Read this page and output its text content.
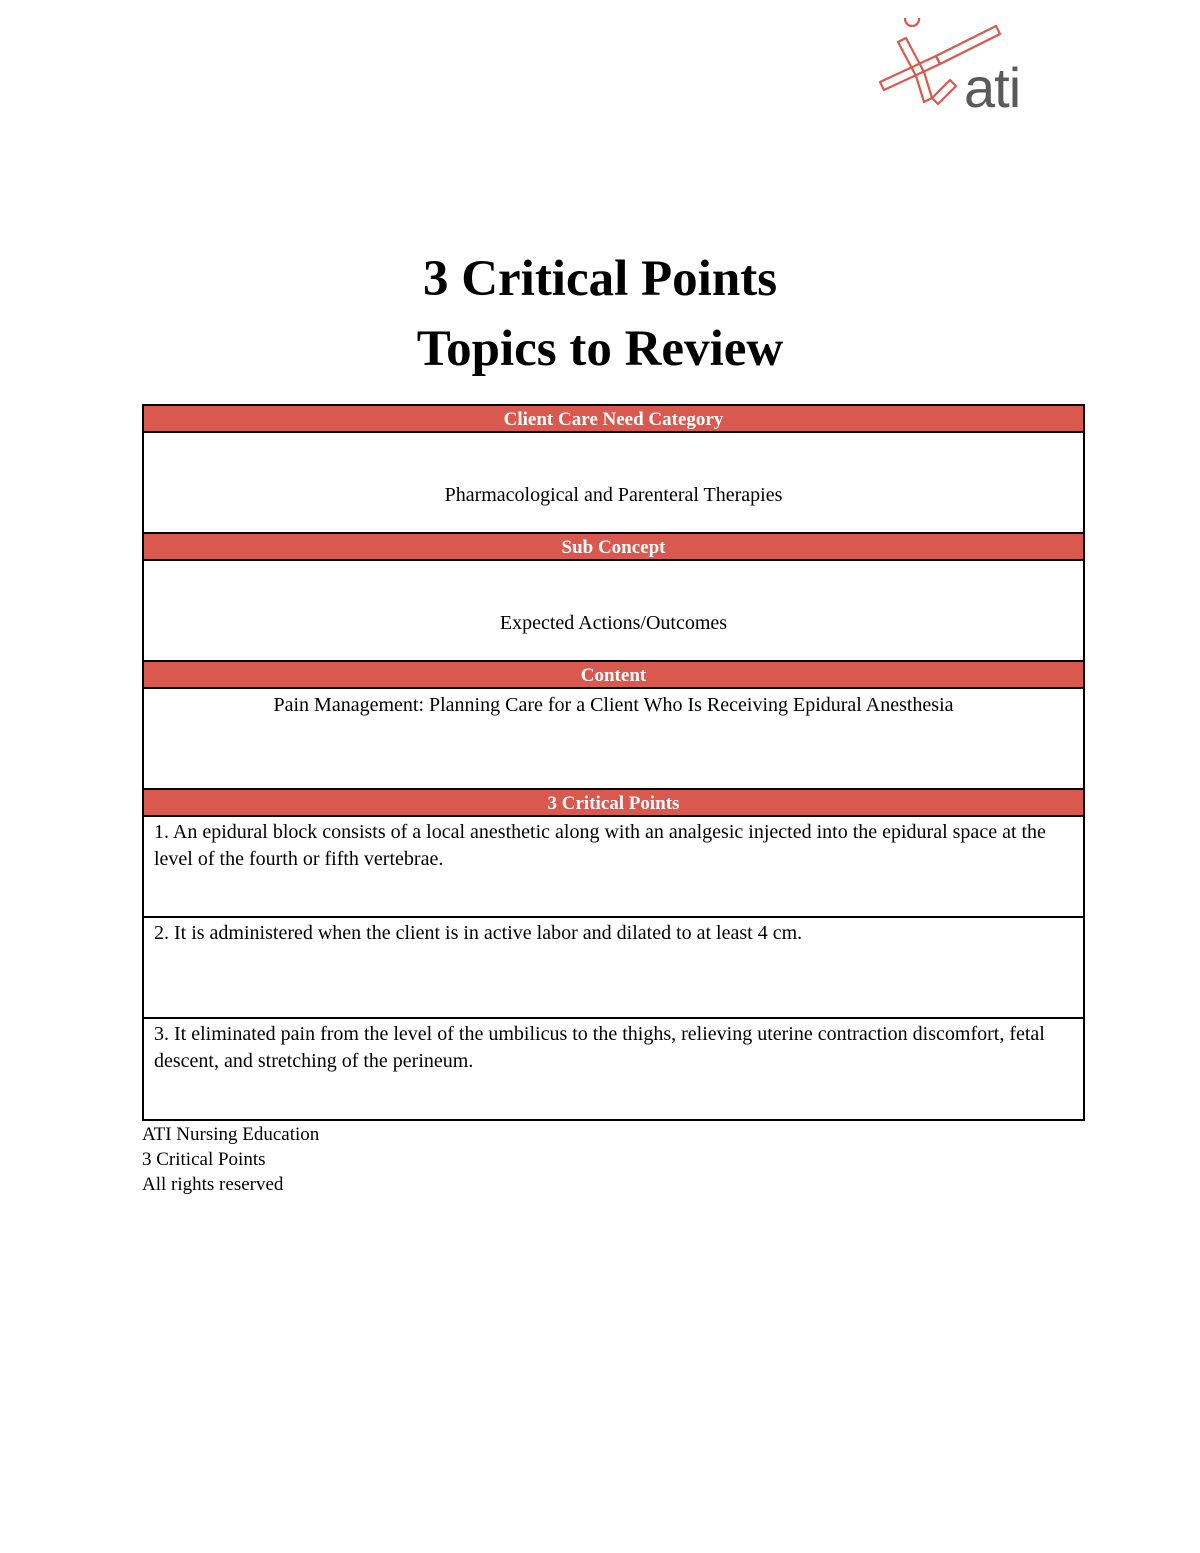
ati
3 Critical Points
Topics to Review
Client Care Need Category
Pharmacological and Parenteral Therapies
Sub Concept
Expected Actions/Outcomes
Content
Pain Management: Planning Care for a Client Who Is Receiving Epidural Anesthesia
3 Critical Points
1. An epidural block consists of a local anesthetic along with an analgesic injected into the epidural space at the level of the fourth or fifth vertebrae.
2. It is administered when the client is in active labor and dilated to at least 4 cm.
3. It eliminated pain from the level of the umbilicus to the thighs, relieving uterine contraction discomfort, fetal descent, and stretching of the perineum.
ATI Nursing Education
3 Critical Points
All rights reserved
